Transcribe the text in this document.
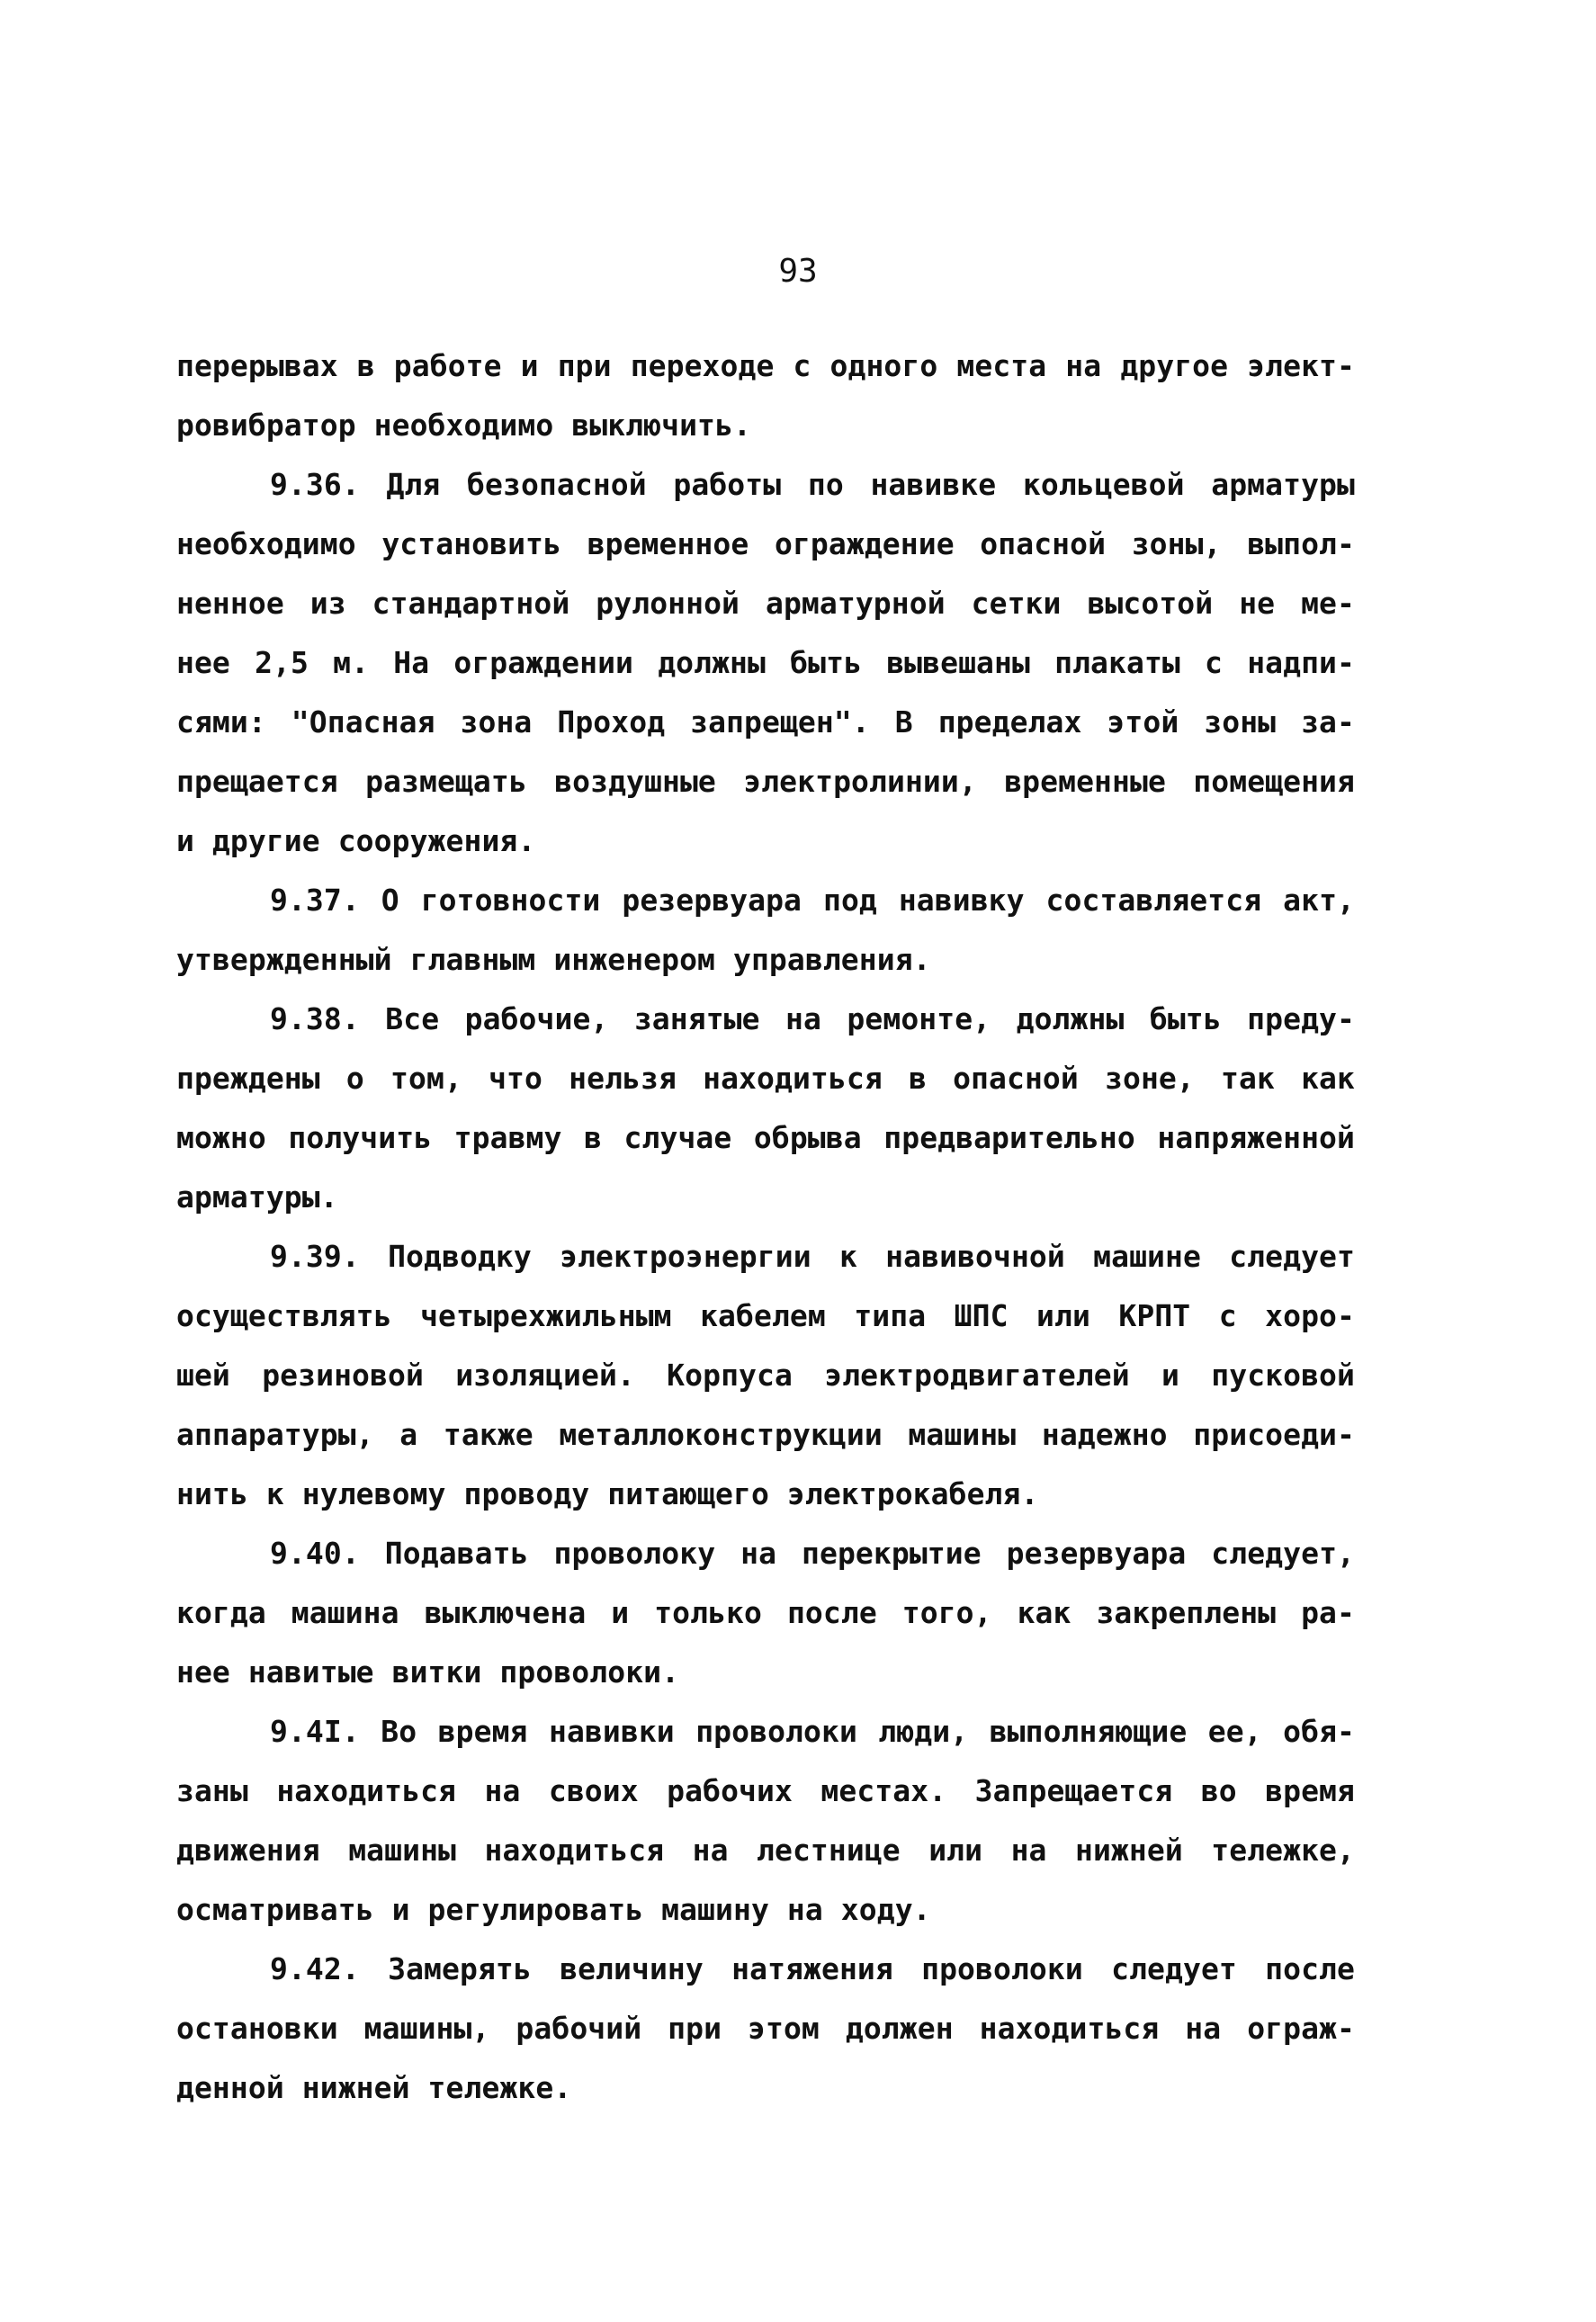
93
перерывах в работе и при переходе с одного места на другое элект-
ровибратор необходимо выключить.
9.36. Для безопасной работы по навивке кольцевой арматуры
необходимо установить временное ограждение опасной зоны, выпол-
ненное из стандартной рулонной арматурной сетки высотой не ме-
нее 2,5 м. На ограждении должны быть вывешаны плакаты с надпи-
сями: "Опасная зона Проход запрещен". В пределах этой зоны за-
прещается размещать воздушные электролинии, временные помещения
и другие сооружения.
9.37. О готовности резервуара под навивку составляется акт,
утвержденный главным инженером управления.
9.38. Все рабочие, занятые на ремонте, должны быть преду-
преждены о том, что нельзя находиться в опасной зоне, так как
можно получить травму в случае обрыва предварительно напряженной
арматуры.
9.39. Подводку электроэнергии к навивочной машине следует
осуществлять четырехжильным кабелем типа ШПС или КРПТ с хоро-
шей резиновой изоляцией. Корпуса электродвигателей и пусковой
аппаратуры, а также металлоконструкции машины надежно присоеди-
нить к нулевому проводу питающего электрокабеля.
9.40. Подавать проволоку на перекрытие резервуара следует,
когда машина выключена и только после того, как закреплены ра-
нее навитые витки проволоки.
9.4I. Во время навивки проволоки люди, выполняющие ее, обя-
заны находиться на своих рабочих местах. Запрещается во время
движения машины находиться на лестнице или на нижней тележке,
осматривать и регулировать машину на ходу.
9.42. Замерять величину натяжения проволоки следует после
остановки машины, рабочий при этом должен находиться на ограж-
денной нижней тележке.
